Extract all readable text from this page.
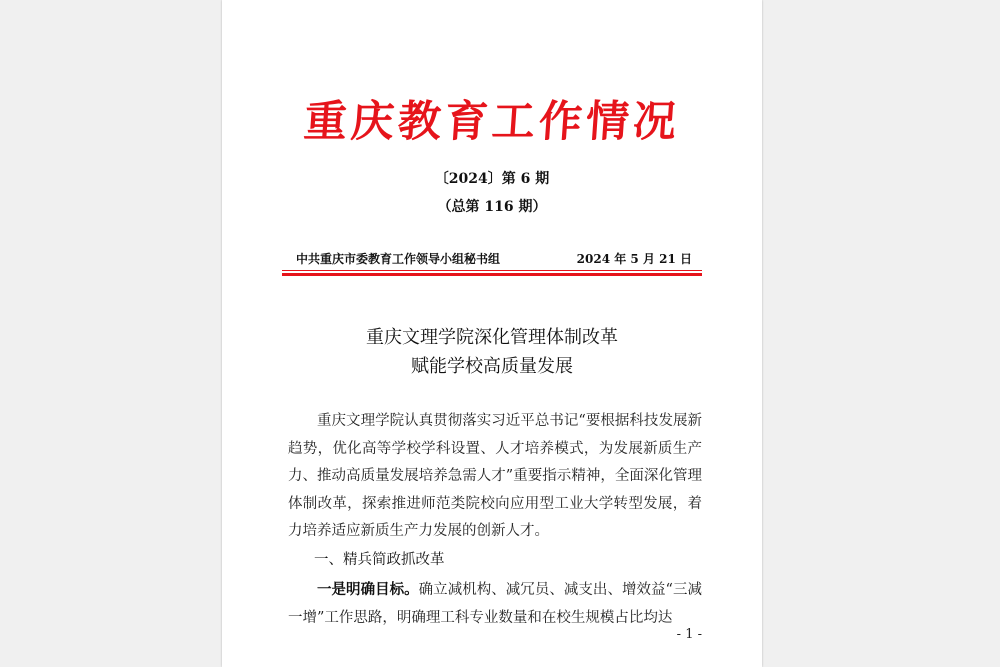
重庆教育工作情况
〔2024〕第 6 期
（总第 116 期）
中共重庆市委教育工作领导小组秘书组	2024 年 5 月 21 日
重庆文理学院深化管理体制改革
赋能学校高质量发展

重庆文理学院认真贯彻落实习近平总书记“要根据科技发展新趋势，优化高等学校学科设置、人才培养模式，为发展新质生产力、推动高质量发展培养急需人才”重要指示精神，全面深化管理体制改革，探索推进师范类院校向应用型工业大学转型发展，着力培养适应新质生产力发展的创新人才。

一、精兵简政抓改革

一是明确目标。确立减机构、减冗员、减支出、增效益“三减一增”工作思路，明确理工科专业数量和在校生规模占比均达

- 1 -
